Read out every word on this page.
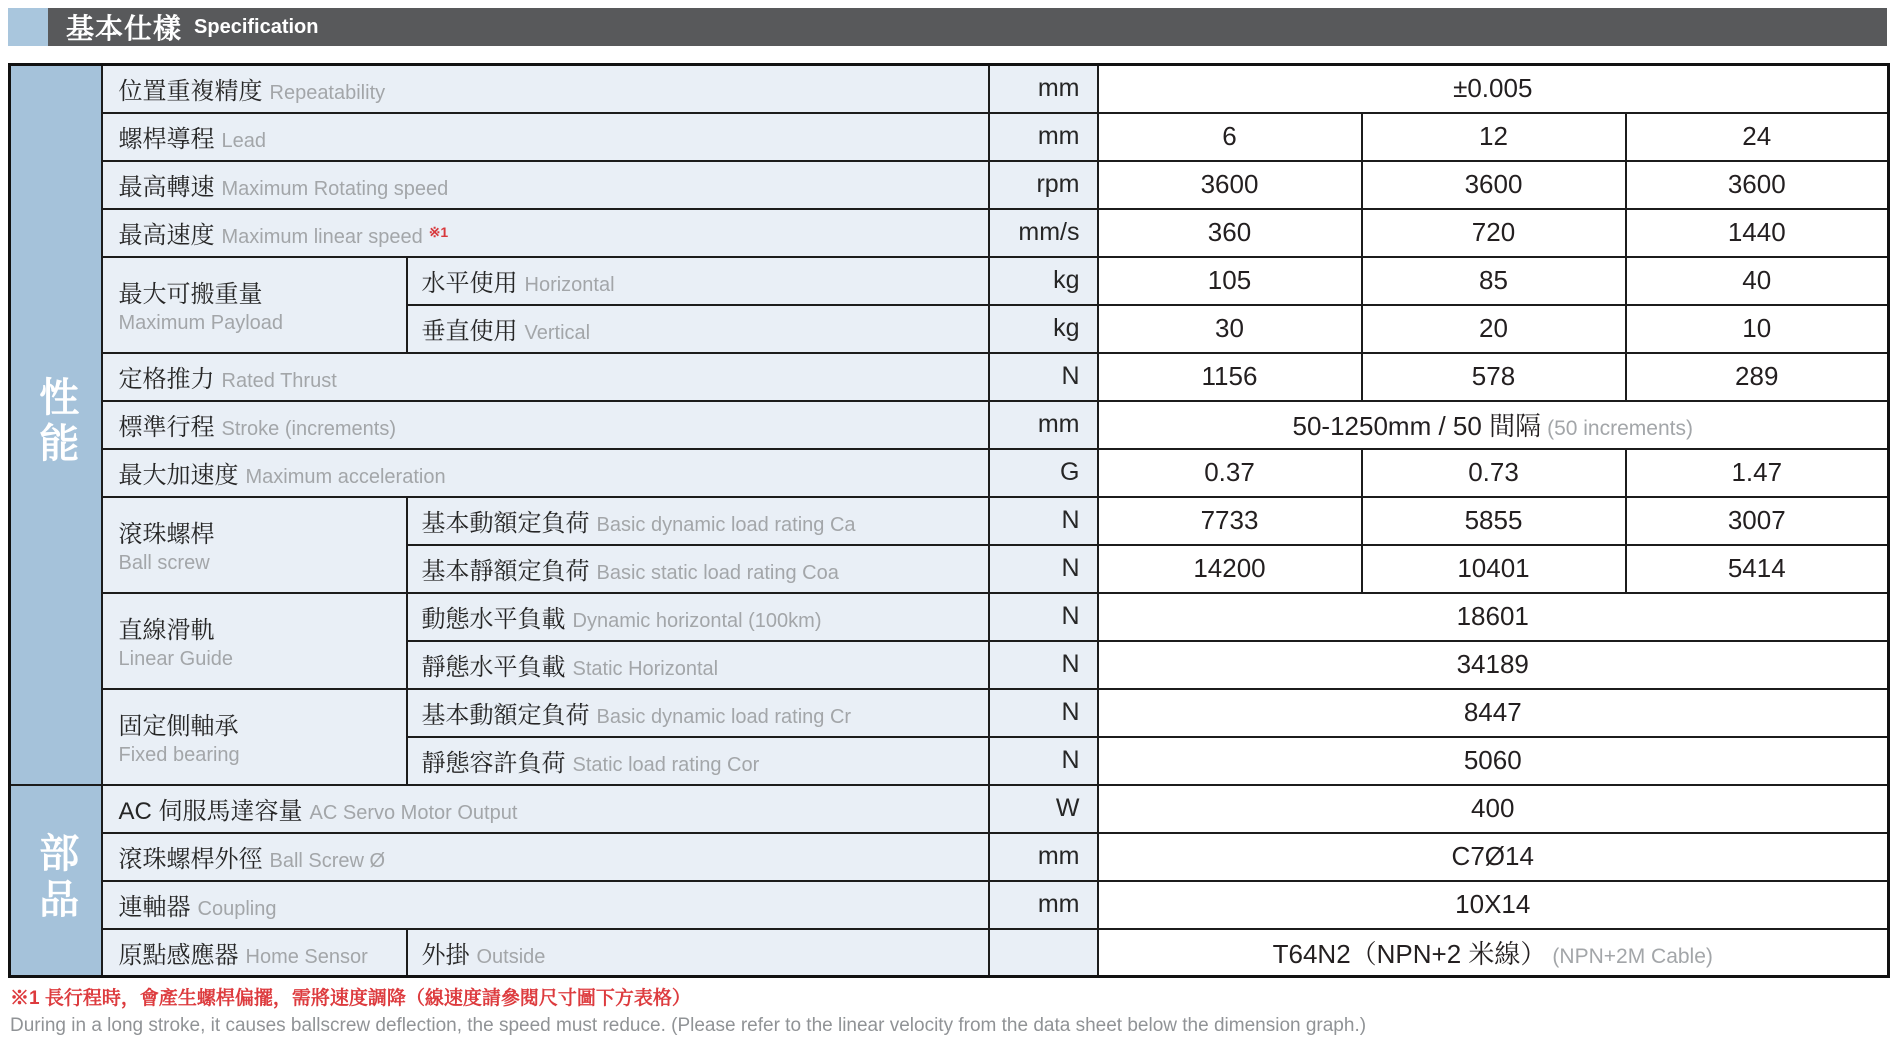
基本仕樣 Specification
性能	位置重複精度 Repeatability		mm	±0.005		
	螺桿導程 Lead		mm	6	12	24
	最高轉速 Maximum Rotating speed		rpm	3600	3600	3600
	最高速度 Maximum linear speed $^{※1}$		mm/s	360	720	1440

	最大可搬重量
Maximum Payload	水平使用 Horizontal	kg	105	85	40
		垂直使用 Vertical	kg	30	20	10
	定格推力 Rated Thrust		N	1156	578	289
	標準行程 Stroke (increments)		mm	50-1250mm / 50 間隔 (50 increments)		
	最大加速度 Maximum acceleration		G	0.37	0.73	1.47

	滾珠螺桿
Ball screw	基本動額定負荷 Basic dynamic load rating Ca	N	7733	5855	3007
		基本靜額定負荷 Basic static load rating Coa	N	14200	10401	5414

	直線滑軌
Linear Guide	動態水平負載 Dynamic horizontal (100km)	N	18601		
		靜態水平負載 Static Horizontal	N	34189		

	固定側軸承
Fixed bearing	基本動額定負荷 Basic dynamic load rating Cr	N	8447		
		靜態容許負荷 Static load rating Cor	N	5060		
部品	AC 伺服馬達容量 AC Servo Motor Output		W	400		
	滾珠螺桿外徑 Ball Screw Ø		mm	C7Ø14		
	連軸器 Coupling		mm	10X14		
	原點感應器 Home Sensor	外掛 Outside		T64N2（NPN+2 米線） (NPN+2M Cable)		
※1 長行程時，會產生螺桿偏擺，需將速度調降（線速度請參閱尺寸圖下方表格）
During in a long stroke, it causes ballscrew deflection, the speed must reduce. (Please refer to the linear velocity from the data sheet below the dimension graph.)
